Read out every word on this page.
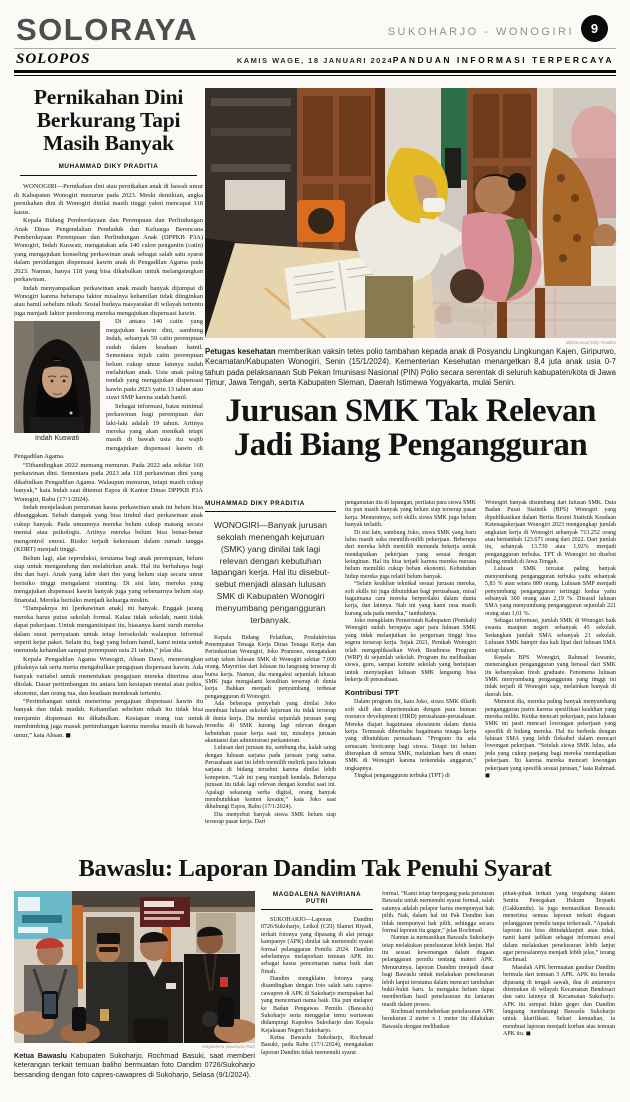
SOLORAYA	SUKOHARJO - WONOGIRI	9
SOLOPOS	KAMIS WAGE, 18 JANUARI 2024 PANDUAN INFORMASI TERPERCAYA
Pernikahan Dini Berkurang Tapi Masih Banyak
MUHAMMAD DIKY PRADITIA

WONOGIRI—Pernikahan dini atau pernikahan anak di bawah umur di Kabupaten Wonogiri menurun pada 2023. Meski demikian, angka pernikahan dini di Wonogiri dinilai masih tinggi yakni mencapai 118 kasus.

Kepala Bidang Pemberdayaan dan Perempuan dan Perlindungan Anak Dinas Pengendalian Penduduk dan Keluarga Berencana Pemberdayaan Perempuan dan Perlindungan Anak (DPPKB P3A) Wonogiri, Indah Kuswati, mengatakan ada 140 calon pengantin (catin) yang mengajukan konseling perkawinan anak sebagai salah satu syarat dalam persidangan dispensasi kawin anak di Pengadilan Agama pada 2023. Namun, hanya 118 yang bisa dikabulkan untuk melangsungkan perkawinan.

Indah menyampaikan perkawinan anak masih banyak dijumpai di Wonogiri karena beberapa faktor misalnya kehamilan tidak diinginkan atau hamil sebelum nikah. Sosial budaya masyarakat di wilayah tertentu juga menjadi faktor pendorong mereka mengajukan dispensasi kawin.

Indah Kuswati

Di antara 140 catin yang megajukan kawin dini, sambung Indah, sebanyak 59 catin perempuan sudah dalam keadaan hamil. Sementara tujuh catin perempuan belum cukup umur lainnya sudah melahirkan anak. Usia anak paling rendah yang mengajukan dispensasi kawin pada 2023 yaitu 13 tahun atau siswi SMP karena sudah hamil.

Sebagai informasi, batas minimal perkawinan bagi perempuan dan laki-laki adalah 19 tahun. Artinya mereka yang akan menikah tetapi masih di bawah usia itu wajib mengajukan dispensasi kawin di Pengadilan Agama.

“Dibandingkan 2022 memang menurun. Pada 2022 ada sekitar 160 perkawinan dini. Sementara pada 2023 ada 118 perkawinan dini yang dikabulkan Pengadilan Agama. Walaupun menurun, tetapi masih cukup banyak,” kata Indah saat ditemui Espos di Kantor Dinas DPPKB P3A Wonogiri, Rabu (17/1/2024).

Indah menjelaskan penurunan kasus perkawinan anak ini belum bisa dibanggakan. Sebab dampak yang bisa timbul dari perkawinan anak cukup banyak. Pada umumnya mereka belum cukup matang secara mental atau psikologis. Artinya mereka belum bisa benar-benar mengontrol emosi. Risiko terjadi kekerasan dalam rumah tangga (KDRT) menjadi tinggi.

Belum lagi, alat reproduksi, terutama bagi anak perempuan, belum siap untuk mengandung dan melahirkan anak. Hal itu berbahaya bagi ibu dan bayi. Anak yang lahir dari ibu yang belum siap secara umur berisiko tinggi mengalami stunting. Di sisi lain, mereka yang mengajukan dispensasi kawin banyak juga yang sebenarnya belum siap finansial. Mereka berisiko menjadi keluarga miskin.

“Dampaknya ini [perkawinan anak] ini banyak. Enggak jarang mereka harus putus sekolah formal. Kalau tidak sekolah, nanti tidak dapat pekerjaan. Untuk mengantisipasi itu, biasanya kami suruh mereka dalam surat pernyataan untuk tetap bersekolah walaupun informal seperti kejar paket. Selain itu, bagi yang belum hamil, kami minta untuk menunda kehamilan sampai perempuan usia 21 tahun,” jelas dia.

Kepala Pengadilan Agama Wonogiri, Ahsan Dawi, menerangkan pihaknya tak serta merta mengabulkan pengajuan dispensasi kawin. Ada banyak variabel untuk menentukan pengajuan mereka diterima atau ditolak. Dasar pertimbangan itu antara lain kesiapan mental atau psikis, ekonomi, dan orang tua, dan keadaan mendesak tertentu.

“Pertimbangan untuk menerima pengajuan dispensasi kawin itu banyak dan tidak mudah. Kehamilan sebelum nikah itu tidak bisa menjamin dispensasi itu dikabulkan. Kesiapan orang tua untuk membimbing juga masuk pertimbangan karena mereka masih di bawah umur,” kata Ahsan. ◼

Muhammad Diky Praditia
Petugas kesehatan memberikan vaksin tetes polio tambahan kepada anak di Posyandu Lingkungan Kajen, Giripurwo, Kecamatan/Kabupaten Wonogiri, Senin (15/1/2024). Kementerian Kesehatan menargetkan 8,4 juta anak usia 0-7 tahun pada pelaksanaan Sub Pekan Imunisasi Nasional (PIN) Polio secara serentak di seluruh kabupaten/kota di Jawa Timur, Jawa Tengah, serta Kabupaten Sleman, Daerah Istimewa Yogyakarta, mulai Senin.
Jurusan SMK Tak Relevan
Jadi Biang Pengangguran
MUHAMMAD DIKY PRADITIA
WONOGIRI—Banyak jurusan sekolah menengah kejuruan (SMK) yang dinilai tak lagi relevan dengan kebutuhan lapangan kerja. Hal itu disebut-sebut menjadi alasan lulusan SMK di Kabupaten Wonogiri menyumbang pengangguran terbanyak.

Kepala Bidang Pelatihan, Produktivitas Penempatan Tenaga Kerja Dinas Tenaga Kerja dan Perindustrian Wonogiri, Joko Pramono, mengatakan setiap tahun lulusan SMK di Wonogiri sekitar 7.000 orang. Mayoritas dari lulusan itu langsung terserap di bursa kerja. Namun, dia mengakui sejumlah lulusan SMK juga mengalami kesulitan terserap di dunia kerja. Bahkan menjadi penyumbang terbesar pengangguran di Wonogiri.

Ada beberapa penyebab yang dinilai Joko membuat lulusan sekolah kejuruan itu tidak terserap di dunia kerja. Dia menilai sejumlah jurusan yang tersedia di SMK kurang lagi relevan dengan kebutuhan pasar kerja saat ini, misalnya jurusan akuntansi dan administrasi perkantoran.

Lulusan dari jurusan itu, sambung dia, kalah saing dengan lulusan sarjana pada jurusan yang sama. Perusahaan saat ini lebih memilih melirik para lulusan sarjana di bidang tersebut karena dinilai lebih kompeten. “Lah ini yang menjadi kendala. Beberapa jurusan itu tidak lagi relevan dengan kondisi saat ini. Apalagi sekarang serba digital, orang banyak membutuhkan konten kreator,” kata Joko saat dihubungi Espos, Rabu (17/1/2024).

Dia menyebut banyak siswa SMK belum siap terserap pasar kerja. Dari

pengamatan dia di lapangan, perilaku para siswa SMK itu pun masih banyak yang belum siap terserap pasar kerja. Menurutnya, soft skills siswa SMK juga belum banyak terlatih.

Di sisi lain, sambung Joko, siswa SMK yang baru lulus masih suka memilih-milih pekerjaan. Beberapa dari mereka lebih memilih menunda bekerja untuk mendapatkan pekerjaan yang sesuai dengan keinginan. Hal itu bisa terjadi karena mereka merasa belum memiliki cukup beban ekonomi. Kebutuhan hidup mereka juga relatif belum banyak.

“Selain keahlian teknikal sesuai jurusan mereka, soft skills ini juga dibutuhkan bagi perusahaan, misal bagaimana cara mereka berperilaku dalam dunia kerja, dan lainnya. Nah ini yang kami rasa masih kurang ada pada mereka,” tambahnya.

Joko mengklaim Pemerintah Kabupaten (Pemkab) Wonogiri sudah berupaya agar para lulusan SMK yang tidak melanjutkan ke perguruan tinggi bisa segera terserap kerja. Sejak 2021, Pemkab Wonogiri telah mengaplikasikan Work Readiness Program (WRP) di sejumlah sekolah. Program itu melibatkan siswa, guru, sampai komite sekolah yang bertujuan untuk menyiapkan lulusan SMK langsung bisa bekerja di perusahaan.

Kontribusi TPT

Dalam program itu, kata Joko, siswa SMK dilatih soft skill dan dipertemukan dengan para human resource development (HRD) perusahaan-perusahaan. Mereka diajari bagaimana ekosistem dalam dunia kerja. Termasuk diberitahu bagaimana tenaga kerja yang dibutuhkan perusahaan. “Program itu ada semacam bootcamp bagi siswa. Tetapi ini belum diterapkan di semua SMK, melainkan baru di enam SMK di Wonogiri karena terkendala anggaran,” ungkapnya.

Tingkat pengangguran terbuka (TPT) di

Wonogiri banyak disumbang dari lulusan SMK. Data Badan Pusat Statistik (BPS) Wonogiri yang dipublikasikan dalam Berita Resmi Statistik Keadaan Ketenagakerjaan Wonogiri 2023 mengungkap jumlah angkatan kerja di Wonogiri sebanyak 713.252 orang atau bertambah 123.671 orang dari 2022. Dari jumlah itu, sebanyak 13.730 atau 1,92% menjadi pengangguran terbuka. TPT di Wonogiri ini disebut paling rendah di Jawa Tengah.

Lulusan SMK tercatat paling banyak menyumbang pengangguran terbuka yaitu sebanyak 5,83 % atau setara 800 orang. Lulusan SMP menjadi penyumbang pengangguran tertinggi kedua yaitu sebanyak 300 orang atau 2,19 %. Disusul lulusan SMA yang menyumbang pengangguran sejumlah 221 orang atau 1,61 %.

Sebagai informasi, jumlah SMK di Wonogiri baik swasta maupun negeri sebanyak 45 sekolah. Sedangkan jumlah SMA sebanyak 21 sekolah. Lulusan SMK hampir dua kali lipat dari lulusan SMA setiap tahun.

Kepala BPS Wonogiri, Rahmad Iswanto, menerangkan pengangguran yang berasal dari SMK itu kebanyakan fresh graduate. Fenomena lulusan SMK menyumbang pengangguran yang tinggi ini tidak terjadi di Wonogiri saja, melainkan banyak di daerah lain.

Menurut dia, mereka paling banyak menyumbang pengangguran justru karena spesifikasi keahlian yang mereka miliki. Ketika mencari pekerjaan, para lulusan SMK ini pasti mencari lowongan pekerjaan yang spesifik di bidang mereka. Hal itu berbeda dengan lulusan SMA yang lebih fleksibel dalam mencari lowongan pekerjaan. “Setelah siswa SMK lulus, ada jeda yang cukup panjang bagi mereka mendapatkan pekerjaan. Itu karena mereka mencari lowongan pekerjaan yang spesifik sesuai jurusan,” kata Rahmad. ◼

Bawaslu: Laporan Dandim Tak Penuhi Syarat
Magdalena Naviriana Putri
Ketua Bawaslu Kabupaten Sukoharjo, Rochmad Basuki, saat memberi keterangan terkait temuan baliho bermuatan foto Dandim 0726/Sukoharjo bersanding dengan foto capres-cawapres di Sukoharjo, Selasa (9/1/2024).
MAGDALENA NAVIRIANA PUTRI

SUKOHARJO—Laporan Dandim 0726/Sukoharjo, Letkol (CZI) Slamet Riyadi, terkait fotonya yang dipasang di alat peraga kampanye (APK) dinilai tak memenuhi syarat formal pelanggaran Pemilu 2024. Dandim sebelumnya melaporkan temuan APK itu sebagai kasus pencemaran nama baik dan fitnah.

Dandim mengklaim fotonya yang disandingkan dengan foto salah satu capres-cawapres di APK di Sukoharjo merupakan hal yang mencemari nama baik. Dia pun melapor ke Badan Pengawas Pemilu (Bawaslu) Sukoharjo serta menggelar temu wartawan didampingi Kapolres Sukoharjo dan Kepala Kejaksaan Negeri Sukoharjo.

Ketua Bawaslu Sukoharjo, Rochmad Basuki, pada Rabu (17/1/2024), mengatakan laporan Dandim tidak memenuhi syarat

formal. “Kami tetap berpegang pada peraturan Bawaslu untuk memenuhi syarat formal, salah satunya adalah pelapor harus mempunyai hak pilih. Nah, dalam hal ini Pak Dandim kan tidak mempunyai hak pilih, sehingga secara formal laporan itu gugur,” jelas Rochmad.

Namun ia memastikan Bawaslu Sukoharjo tetap melakukan penelusuran lebih lanjut. Hal itu sesuai kewenangan dalam dugaan pelanggaran pemilu tentang materi APK. Menurutnya, laporan Dandim menjadi dasar bagi Bawaslu untuk melakukan penelusuran lebih lanjut terutama dalam mencari tambahan bukti-bukti baru. Ia mengaku belum dapat memberikan hasil penelusuran itu lantaran masih dalam proses.

Rochmad membeberkan penelusuran APK berukuran 2 meter x 1 meter itu dilakukan Bawaslu dengan melibatkan

pihak-pihak terkait yang tergabung dalam Sentra Penegakan Hukum Terpadu (Gakkumdu). Ia juga memastikan Bawaslu menerima semua laporan terkait dugaan pelanggaran pemilu tanpa terkecuali. “Apakah laporan itu bisa ditindaklanjuti atau tidak, nanti kami jadikan sebagai informasi awal dalam melakukan penelusuran lebih lanjut agar persoalannya menjadi lebih jelas,” terang Rochmad.

Masalah APK bermuatan gambar Dandim bermula dari temuan 3 APK. APK itu berada dipasang di tengah sawah, dua di antaranya ditemukan di wilayah Kecamatan Bendosari dan satu lainnya di Kecamatan Sukoharjo. APK itu sempat bikin geger dan Dandim langsung mendatangi Bawaslu Sukoharjo untuk klarifikasi. Sehari kemudian, ia membuat laporan menjadi korban atas temuan APK itu. ◼
